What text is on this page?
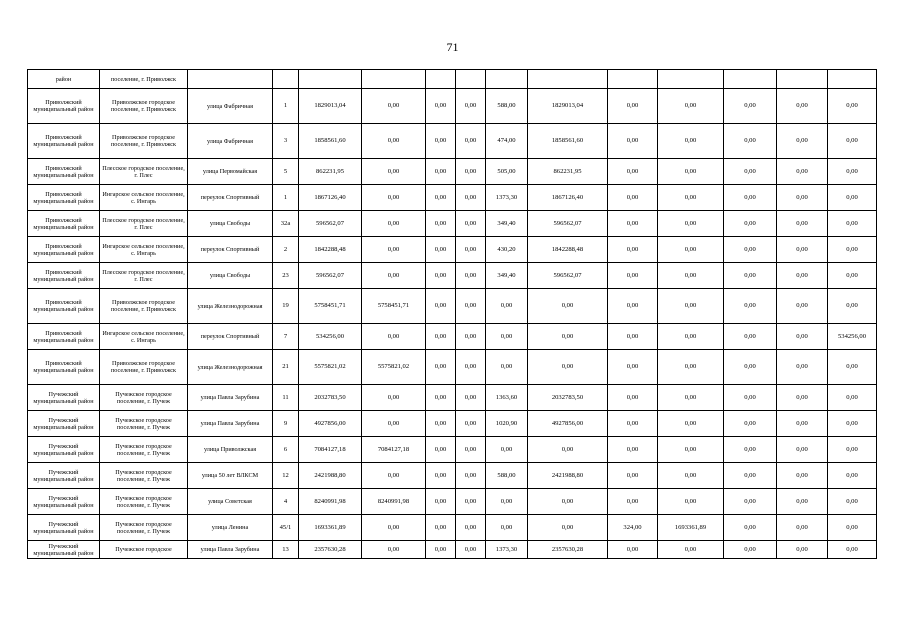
71
район	поселение, г. Приволжск													
Приволжский муниципальный район	Приволжское городское поселение, г. Приволжск	улица Фабричная	1	1829013,04	0,00	0,00	0,00	588,00	1829013,04	0,00	0,00	0,00	0,00	0,00
Приволжский муниципальный район	Приволжское городское поселение, г. Приволжск	улица Фабричная	3	1858561,60	0,00	0,00	0,00	474,00	1858561,60	0,00	0,00	0,00	0,00	0,00
Приволжский муниципальный район	Плесское городское поселение, г. Плес	улица Первомайская	5	862231,95	0,00	0,00	0,00	505,00	862231,95	0,00	0,00	0,00	0,00	0,00
Приволжский муниципальный район	Ингарское сельское поселение, с. Ингарь	переулок Спортивный	1	1867126,40	0,00	0,00	0,00	1373,30	1867126,40	0,00	0,00	0,00	0,00	0,00
Приволжский муниципальный район	Плесское городское поселение, г. Плес	улица Свободы	32а	596562,07	0,00	0,00	0,00	349,40	596562,07	0,00	0,00	0,00	0,00	0,00
Приволжский муниципальный район	Ингарское сельское поселение, с. Ингарь	переулок Спортивный	2	1842288,48	0,00	0,00	0,00	430,20	1842288,48	0,00	0,00	0,00	0,00	0,00
Приволжский муниципальный район	Плесское городское поселение, г. Плес	улица Свободы	23	596562,07	0,00	0,00	0,00	349,40	596562,07	0,00	0,00	0,00	0,00	0,00
Приволжский муниципальный район	Приволжское городское поселение, г. Приволжск	улица Железнодорожная	19	5758451,71	5758451,71	0,00	0,00	0,00	0,00	0,00	0,00	0,00	0,00	0,00
Приволжский муниципальный район	Ингарское сельское поселение, с. Ингарь	переулок Спортивный	7	534256,00	0,00	0,00	0,00	0,00	0,00	0,00	0,00	0,00	0,00	534256,00
Приволжский муниципальный район	Приволжское городское поселение, г. Приволжск	улица Железнодорожная	21	5575821,02	5575821,02	0,00	0,00	0,00	0,00	0,00	0,00	0,00	0,00	0,00
Пучежский муниципальный район	Пучежское городское поселение, г. Пучеж	улица Павла Зарубина	11	2032783,50	0,00	0,00	0,00	1363,60	2032783,50	0,00	0,00	0,00	0,00	0,00
Пучежский муниципальный район	Пучежское городское поселение, г. Пучеж	улица Павла Зарубина	9	4927856,00	0,00	0,00	0,00	1020,90	4927856,00	0,00	0,00	0,00	0,00	0,00
Пучежский муниципальный район	Пучежское городское поселение, г. Пучеж	улица Приволжская	6	7084127,18	7084127,18	0,00	0,00	0,00	0,00	0,00	0,00	0,00	0,00	0,00
Пучежский муниципальный район	Пучежское городское поселение, г. Пучеж	улица 50 лет ВЛКСМ	12	2421988,80	0,00	0,00	0,00	588,00	2421988,80	0,00	0,00	0,00	0,00	0,00
Пучежский муниципальный район	Пучежское городское поселение, г. Пучеж	улица Советская	4	8240991,98	8240991,98	0,00	0,00	0,00	0,00	0,00	0,00	0,00	0,00	0,00
Пучежский муниципальный район	Пучежское городское поселение, г. Пучеж	улица Ленина	45/1	1693361,89	0,00	0,00	0,00	0,00	0,00	324,00	1693361,89	0,00	0,00	0,00
Пучежский муниципальный район	Пучежское городское	улица Павла Зарубина	13	2357630,28	0,00	0,00	0,00	1373,30	2357630,28	0,00	0,00	0,00	0,00	0,00
